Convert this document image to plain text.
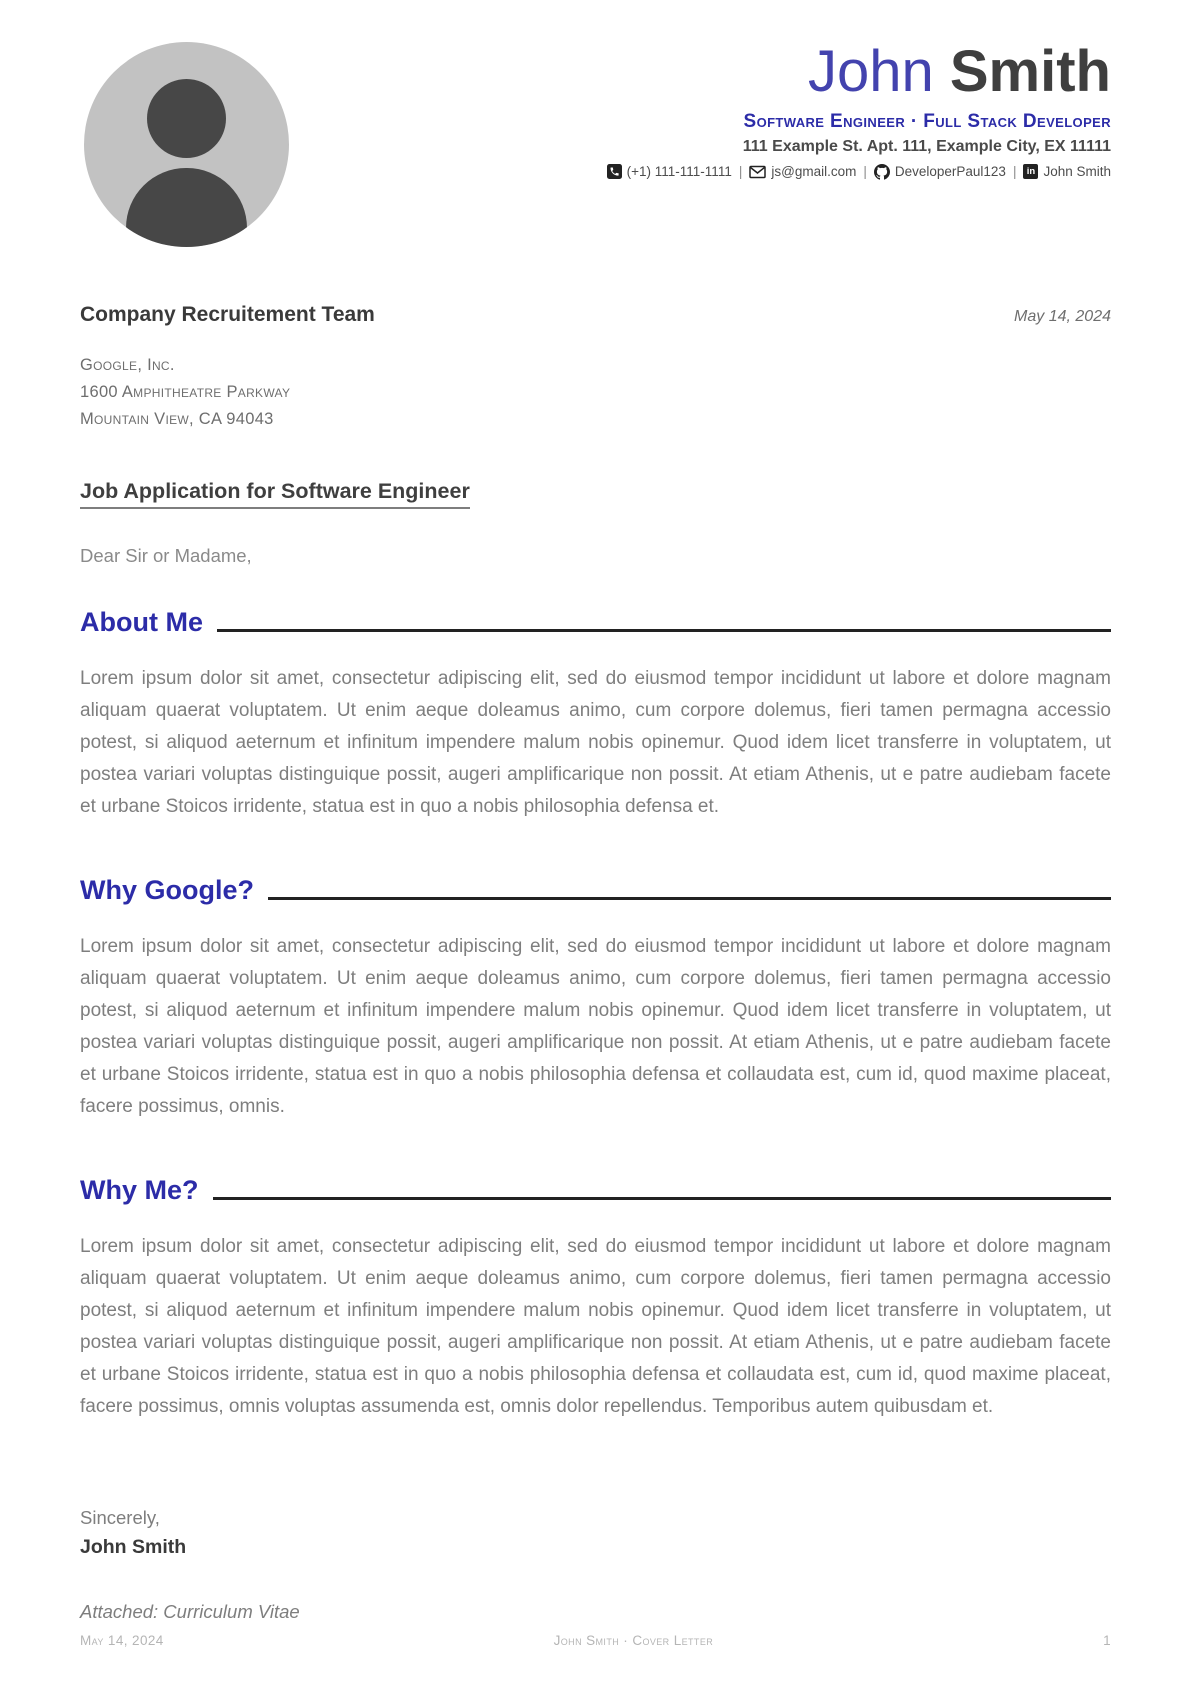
John Smith
Software Engineer · Full Stack Developer
111 Example St. Apt. 111, Example City, EX 11111
(+1) 111-111-1111 | js@gmail.com | DeveloperPaul123 |	in John Smith
Company Recruitement Team	May 14, 2024
Google, Inc.
1600 Amphitheatre Parkway
Mountain View, CA 94043
Job Application for Software Engineer
Dear Sir or Madame,
About Me
Lorem ipsum dolor sit amet, consectetur adipiscing elit, sed do eiusmod tempor incididunt ut labore et dolore magnam aliquam quaerat voluptatem. Ut enim aeque doleamus animo, cum corpore dolemus, fieri tamen permagna accessio potest, si aliquod aeternum et infinitum impendere malum nobis opinemur. Quod idem licet transferre in voluptatem, ut postea variari voluptas distinguique possit, augeri amplificarique non possit. At etiam Athenis, ut e patre audiebam facete et urbane Stoicos irridente, statua est in quo a nobis philosophia defensa et.
Why Google?
Lorem ipsum dolor sit amet, consectetur adipiscing elit, sed do eiusmod tempor incididunt ut labore et dolore magnam aliquam quaerat voluptatem. Ut enim aeque doleamus animo, cum corpore dolemus, fieri tamen permagna accessio potest, si aliquod aeternum et infinitum impendere malum nobis opinemur. Quod idem licet transferre in voluptatem, ut postea variari voluptas distinguique possit, augeri amplificarique non possit. At etiam Athenis, ut e patre audiebam facete et urbane Stoicos irridente, statua est in quo a nobis philosophia defensa et collaudata est, cum id, quod maxime placeat, facere possimus, omnis.
Why Me?
Lorem ipsum dolor sit amet, consectetur adipiscing elit, sed do eiusmod tempor incididunt ut labore et dolore magnam aliquam quaerat voluptatem. Ut enim aeque doleamus animo, cum corpore dolemus, fieri tamen permagna accessio potest, si aliquod aeternum et infinitum impendere malum nobis opinemur. Quod idem licet transferre in voluptatem, ut postea variari voluptas distinguique possit, augeri amplificarique non possit. At etiam Athenis, ut e patre audiebam facete et urbane Stoicos irridente, statua est in quo a nobis philosophia defensa et collaudata est, cum id, quod maxime placeat, facere possimus, omnis voluptas assumenda est, omnis dolor repellendus. Temporibus autem quibusdam et.
Sincerely,
John Smith
Attached: Curriculum Vitae
May 14, 2024	John Smith · Cover Letter	1
